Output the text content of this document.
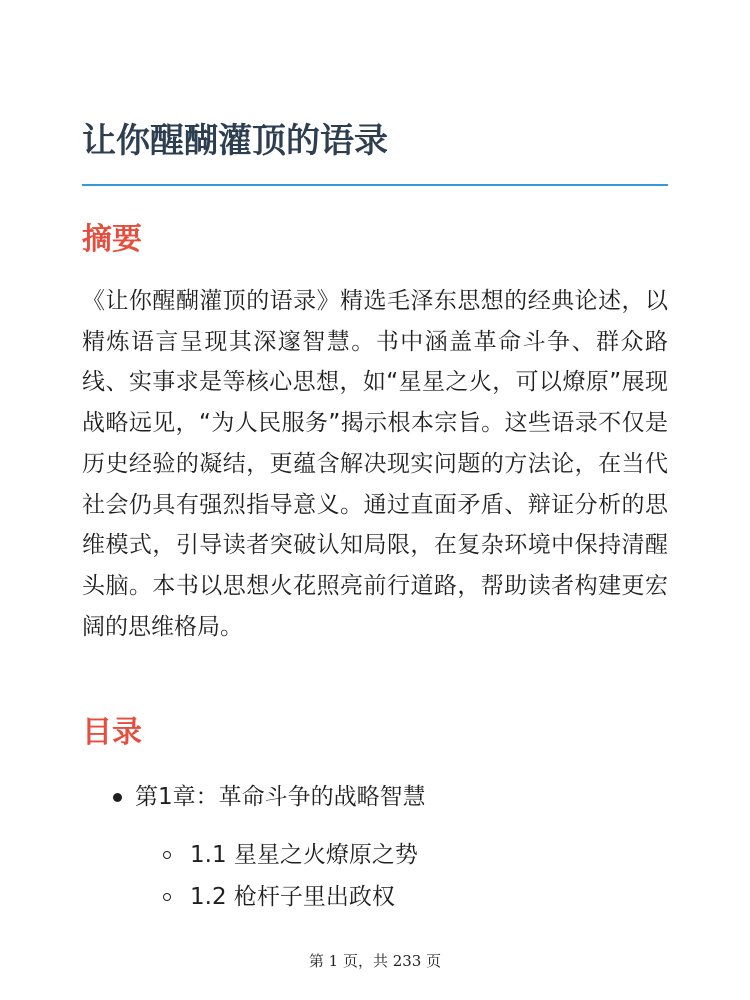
让你醒醐灌顶的语录
摘要

《让你醒醐灌顶的语录》精选毛泽东思想的经典论述，以精炼语言呈现其深邃智慧。书中涵盖革命斗争、群众路线、实事求是等核心思想，如“星星之火，可以燎原”展现战略远见，“为人民服务”揭示根本宗旨。这些语录不仅是历史经验的凝结，更蕴含解决现实问题的方法论，在当代社会仍具有强烈指导意义。通过直面矛盾、辩证分析的思维模式，引导读者突破认知局限，在复杂环境中保持清醒头脑。本书以思想火花照亮前行道路，帮助读者构建更宏阔的思维格局。

目录
第1章：革命斗争的战略智慧
1.1 星星之火燎原之势
1.2 枪杆子里出政权
第 1 页，共 233 页
